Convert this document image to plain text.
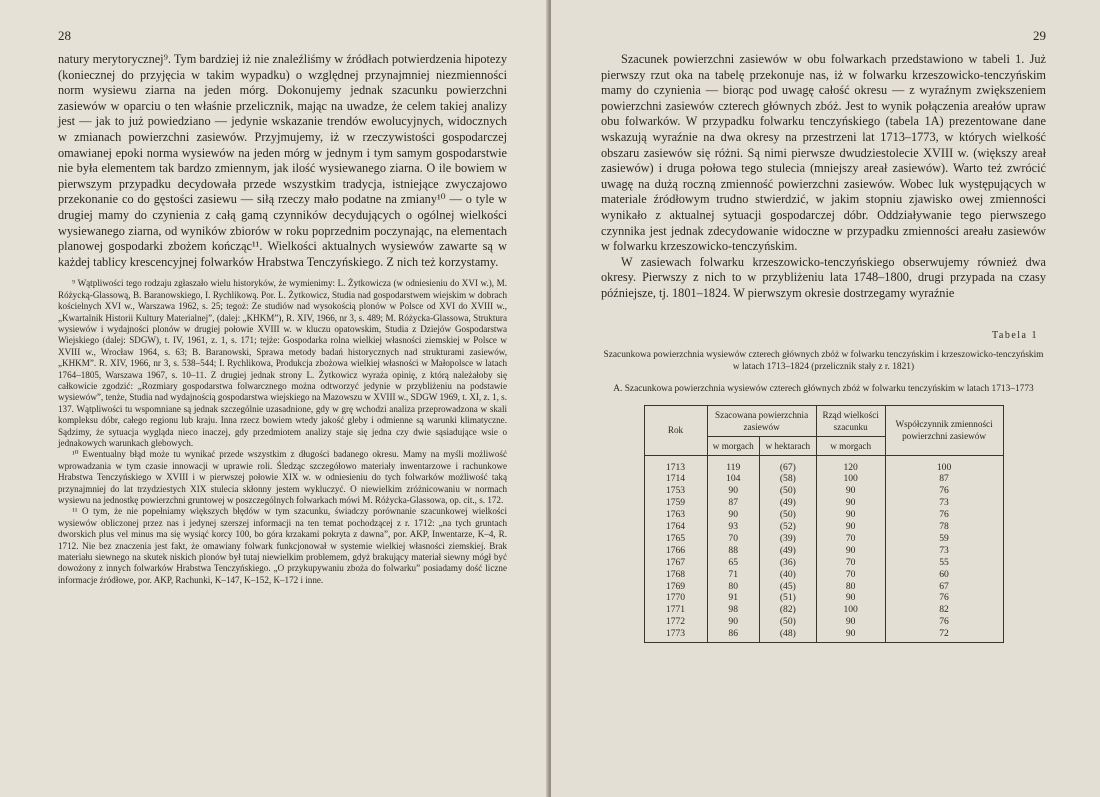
28

natury merytorycznej⁹. Tym bardziej iż nie znaleźliśmy w źródłach potwierdzenia hipotezy (koniecznej do przyjęcia w takim wypadku) o względnej przynajmniej niezmienności norm wysiewu ziarna na jeden mórg. Dokonujemy jednak szacunku powierzchni zasiewów w oparciu o ten właśnie przelicznik, mając na uwadze, że celem takiej analizy jest — jak to już powiedziano — jedynie wskazanie trendów ewolucyjnych, widocznych w zmianach powierzchni zasiewów. Przyjmujemy, iż w rzeczywistości gospodarczej omawianej epoki norma wysiewów na jeden mórg w jednym i tym samym gospodarstwie nie była elementem tak bardzo zmiennym, jak ilość wysiewanego ziarna. O ile bowiem w pierwszym przypadku decydowała przede wszystkim tradycja, istniejące zwyczajowo przekonanie co do gęstości zasiewu — siłą rzeczy mało podatne na zmiany¹⁰ — o tyle w drugiej mamy do czynienia z całą gamą czynników decydujących o ogólnej wielkości wysiewanego ziarna, od wyników zbiorów w roku poprzednim poczynając, na elementach planowej gospodarki zbożem kończąc¹¹. Wielkości aktualnych wysiewów zawarte są w każdej tablicy krescencyjnej folwarków Hrabstwa Tenczyńskiego. Z nich też korzystamy.

⁹ Wątpliwości tego rodzaju zgłaszało wielu historyków, że wymienimy: L. Żytkowicza (w odniesieniu do XVI w.), M. Różycką-Glassową, B. Baranowskiego, I. Rychlikową. Por. L. Żytkowicz, Studia nad gospodarstwem wiejskim w dobrach kościelnych XVI w., Warszawa 1962, s. 25; tegoż: Ze studiów nad wysokością plonów w Polsce od XVI do XVIII w., „Kwartalnik Historii Kultury Materialnej”, (dalej: „KHKM”), R. XIV, 1966, nr 3, s. 489; M. Różycka-Glassowa, Struktura wysiewów i wydajności plonów w drugiej połowie XVIII w. w kluczu opatowskim, Studia z Dziejów Gospodarstwa Wiejskiego (dalej: SDGW), t. IV, 1961, z. 1, s. 171; tejże: Gospodarka rolna wielkiej własności ziemskiej w Polsce w XVIII w., Wrocław 1964, s. 63; B. Baranowski, Sprawa metody badań historycznych nad strukturami zasiewów, „KHKM”. R. XIV, 1966, nr 3, s. 538–544; I. Rychlikowa, Produkcja zbożowa wielkiej własności w Małopolsce w latach 1764–1805, Warszawa 1967, s. 10–11. Z drugiej jednak strony L. Żytkowicz wyraża opinię, z którą należałoby się całkowicie zgodzić: „Rozmiary gospodarstwa folwarcznego można odtworzyć jedynie w przybliżeniu na podstawie wysiewów”, tenże, Studia nad wydajnością gospodarstwa wiejskiego na Mazowszu w XVIII w., SDGW 1969, t. XI, z. 1, s. 137. Wątpliwości tu wspomniane są jednak szczególnie uzasadnione, gdy w grę wchodzi analiza przeprowadzona w skali kompleksu dóbr, całego regionu lub kraju. Inna rzecz bowiem wtedy jakość gleby i odmienne są warunki klimatyczne. Sądzimy, że sytuacja wygląda nieco inaczej, gdy przedmiotem analizy staje się jedna czy dwie sąsiadujące wsie o jednakowych warunkach glebowych.

¹⁰ Ewentualny błąd może tu wynikać przede wszystkim z długości badanego okresu. Mamy na myśli możliwość wprowadzania w tym czasie innowacji w uprawie roli. Śledząc szczegółowo materiały inwentarzowe i rachunkowe Hrabstwa Tenczyńskiego w XVIII i w pierwszej połowie XIX w. w odniesieniu do tych folwarków możliwość taką przynajmniej do lat trzydziestych XIX stulecia skłonny jestem wykluczyć. O niewielkim zróżnicowaniu w normach wysiewu na jednostkę powierzchni gruntowej w poszczególnych folwarkach mówi M. Różycka-Glassowa, op. cit., s. 172.

¹¹ O tym, że nie popełniamy większych błędów w tym szacunku, świadczy porównanie szacunkowej wielkości wysiewów obliczonej przez nas i jedynej szerszej informacji na ten temat pochodzącej z r. 1712: „na tych gruntach dworskich plus vel minus ma się wysiąć korcy 100, bo góra krzakami pokryta z dawna”, por. AKP, Inwentarze, K–4, R. 1712. Nie bez znaczenia jest fakt, że omawiany folwark funkcjonował w systemie wielkiej własności ziemskiej. Brak materiału siewnego na skutek niskich plonów był tutaj niewielkim problemem, gdyż brakujący materiał siewny mógł być dowożony z innych folwarków Hrabstwa Tenczyńskiego. „O przykupywaniu zboża do folwarku” posiadamy dość liczne informacje źródłowe, por. AKP, Rachunki, K–147, K–152, K–172 i inne.

29

Szacunek powierzchni zasiewów w obu folwarkach przedstawiono w tabeli 1. Już pierwszy rzut oka na tabelę przekonuje nas, iż w folwarku krzeszowicko-tenczyńskim mamy do czynienia — biorąc pod uwagę całość okresu — z wyraźnym zwiększeniem powierzchni zasiewów czterech głównych zbóż. Jest to wynik połączenia areałów upraw obu folwarków. W przypadku folwarku tenczyńskiego (tabela 1A) prezentowane dane wskazują wyraźnie na dwa okresy na przestrzeni lat 1713–1773, w których wielkość obszaru zasiewów się różni. Są nimi pierwsze dwudziestolecie XVIII w. (większy areał zasiewów) i druga połowa tego stulecia (mniejszy areał zasiewów). Warto też zwrócić uwagę na dużą roczną zmienność powierzchni zasiewów. Wobec luk występujących w materiale źródłowym trudno stwierdzić, w jakim stopniu zjawisko owej zmienności wynikało z aktualnej sytuacji gospodarczej dóbr. Oddziaływanie tego pierwszego czynnika jest jednak zdecydowanie widoczne w przypadku zmienności areału zasiewów w folwarku krzeszowicko-tenczyńskim.

W zasiewach folwarku krzeszowicko-tenczyńskiego obserwujemy również dwa okresy. Pierwszy z nich to w przybliżeniu lata 1748–1800, drugi przypada na czasy późniejsze, tj. 1801–1824. W pierwszym okresie dostrzegamy wyraźnie

Tabela 1
Szacunkowa powierzchnia wysiewów czterech głównych zbóż w folwarku tenczyńskim i krzeszowicko-tenczyńskim w latach 1713–1824 (przelicznik stały z r. 1821)
A. Szacunkowa powierzchnia wysiewów czterech głównych zbóż w folwarku tenczyńskim w latach 1713–1773
Rok	Szacowana powierzchnia zasiewów		Rząd wielkości szacunku	Współczynnik zmienności powierzchni zasiewów
	w morgach	w hektarach	w morgach	
1713	119	(67)	120	100
1714	104	(58)	100	87
1753	90	(50)	90	76
1759	87	(49)	90	73
1763	90	(50)	90	76
1764	93	(52)	90	78
1765	70	(39)	70	59
1766	88	(49)	90	73
1767	65	(36)	70	55
1768	71	(40)	70	60
1769	80	(45)	80	67
1770	91	(51)	90	76
1771	98	(82)	100	82
1772	90	(50)	90	76
1773	86	(48)	90	72
